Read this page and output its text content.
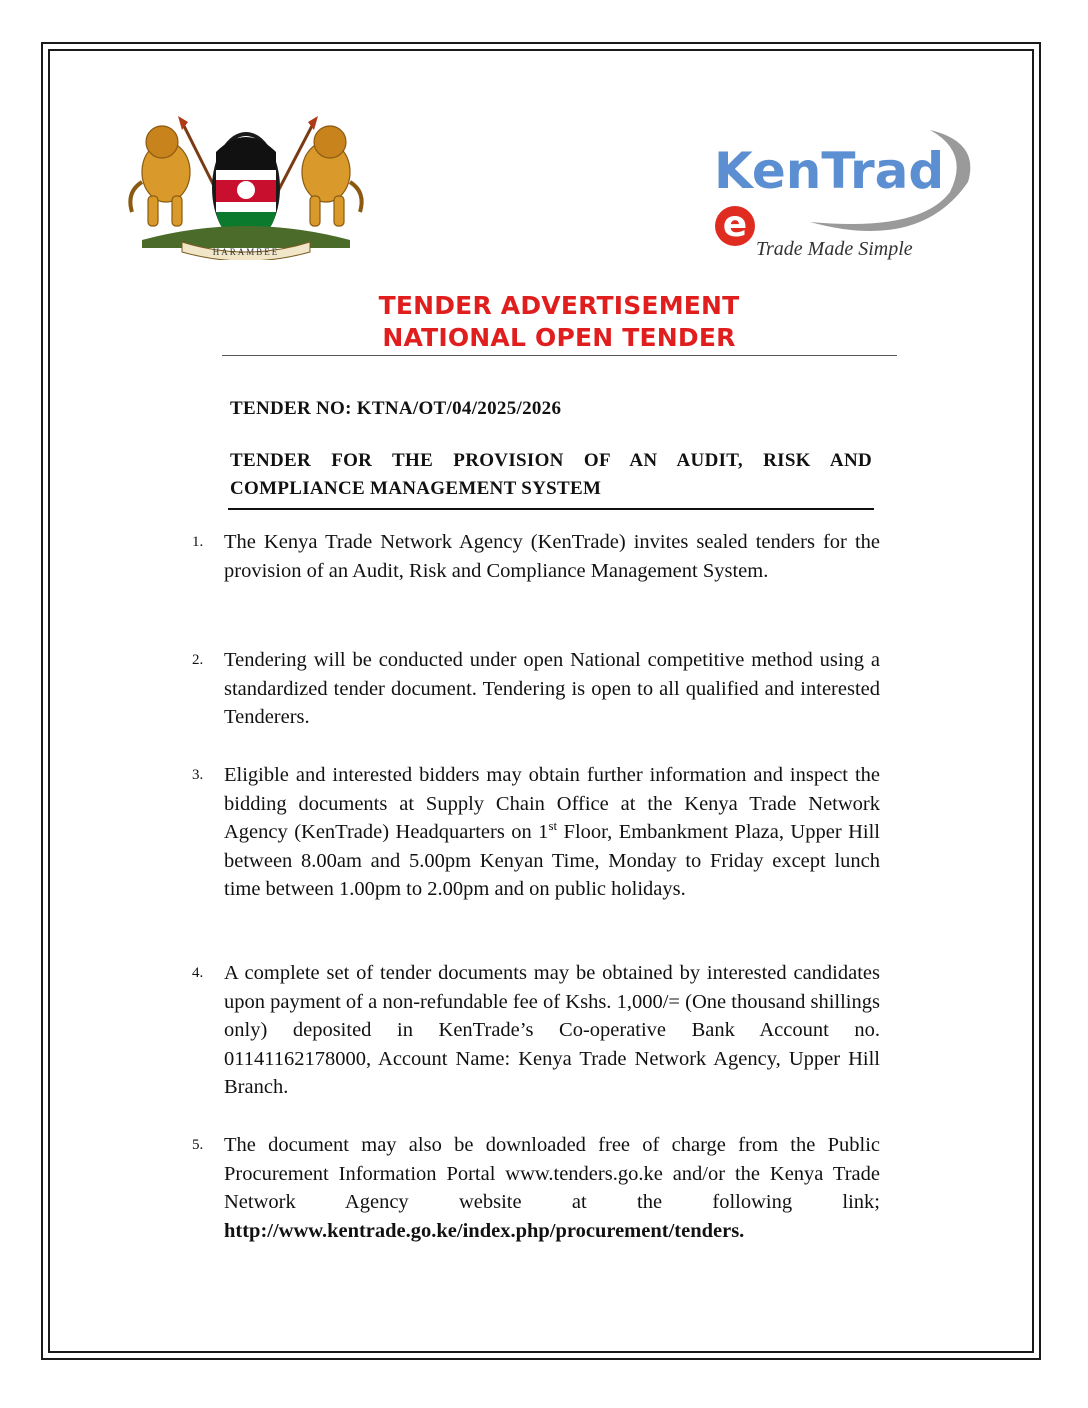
HARAMBEE
KenTrade
Trade Made Simple
TENDER ADVERTISEMENT
NATIONAL OPEN TENDER
TENDER NO: KTNA/OT/04/2025/2026
TENDER FOR THE PROVISION OF AN AUDIT, RISK AND COMPLIANCE MANAGEMENT SYSTEM
1. The Kenya Trade Network Agency (KenTrade) invites sealed tenders for the provision of an Audit, Risk and Compliance Management System.
2. Tendering will be conducted under open National competitive method using a standardized tender document. Tendering is open to all qualified and interested Tenderers.
3. Eligible and interested bidders may obtain further information and inspect the bidding documents at Supply Chain Office at the Kenya Trade Network Agency (KenTrade) Headquarters on 1st Floor, Embankment Plaza, Upper Hill between 8.00am and 5.00pm Kenyan Time, Monday to Friday except lunch time between 1.00pm to 2.00pm and on public holidays.
4. A complete set of tender documents may be obtained by interested candidates upon payment of a non-refundable fee of Kshs. 1,000/= (One thousand shillings only) deposited in KenTrade’s Co-operative Bank Account no. 01141162178000, Account Name: Kenya Trade Network Agency, Upper Hill Branch.
5. The document may also be downloaded free of charge from the Public Procurement Information Portal www.tenders.go.ke and/or the Kenya Trade Network Agency website at the following link; http://www.kentrade.go.ke/index.php/procurement/tenders.
